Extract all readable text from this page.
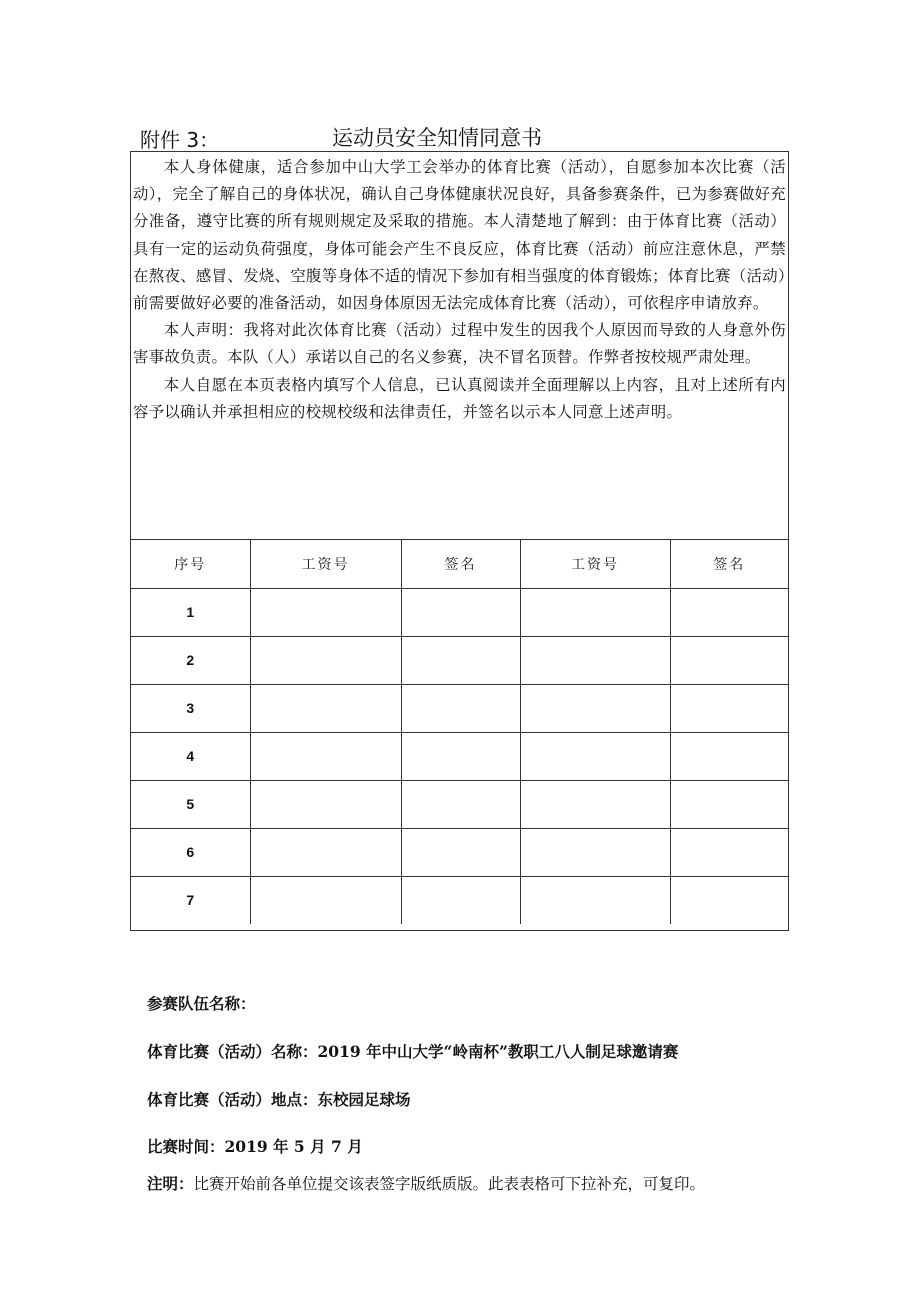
附件 3：	运动员安全知情同意书

本人身体健康，适合参加中山大学工会举办的体育比赛（活动），自愿参加本次比赛（活动），完全了解自己的身体状况，确认自己身体健康状况良好，具备参赛条件，已为参赛做好充分准备，遵守比赛的所有规则规定及采取的措施。本人清楚地了解到：由于体育比赛（活动）具有一定的运动负荷强度，身体可能会产生不良反应，体育比赛（活动）前应注意休息，严禁在熬夜、感冒、发烧、空腹等身体不适的情况下参加有相当强度的体育锻炼；体育比赛（活动）前需要做好必要的准备活动，如因身体原因无法完成体育比赛（活动），可依程序申请放弃。

本人声明：我将对此次体育比赛（活动）过程中发生的因我个人原因而导致的人身意外伤害事故负责。本队（人）承诺以自己的名义参赛，决不冒名顶替。作弊者按校规严肃处理。

本人自愿在本页表格内填写个人信息，已认真阅读并全面理解以上内容，且对上述所有内容予以确认并承担相应的校规校级和法律责任，并签名以示本人同意上述声明。

序号	工资号	签名	工资号	签名
1				
2				
3				
4				
5				
6				
7				
参赛队伍名称：
体育比赛（活动）名称：2019 年中山大学“岭南杯”教职工八人制足球邀请赛
体育比赛（活动）地点：东校园足球场
比赛时间：2019 年 5 月 7 月
注明：比赛开始前各单位提交该表签字版纸质版。此表表格可下拉补充，可复印。
